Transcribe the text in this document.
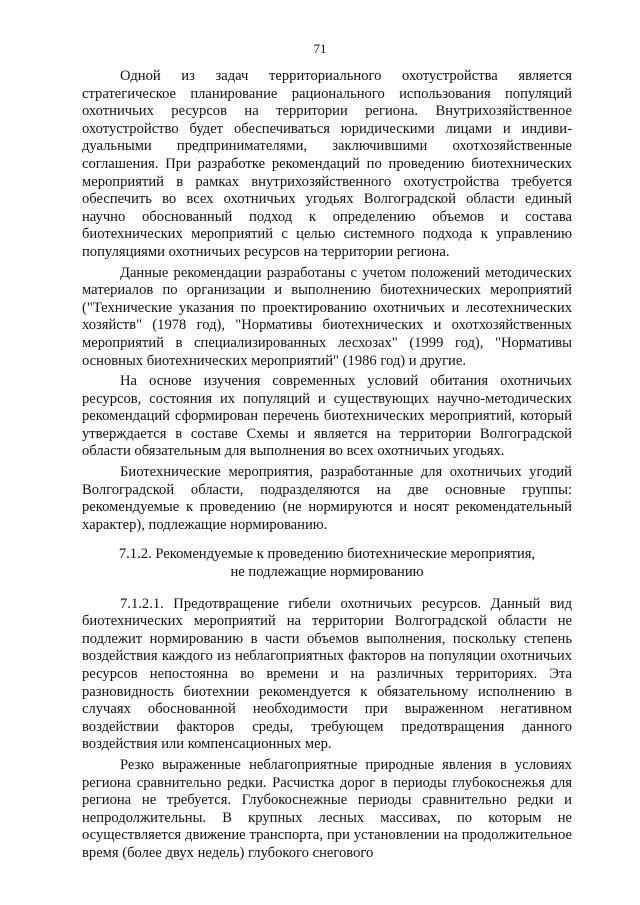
71

Одной из задач территориального охотустройства является стратегическое планирование рационального использования популяций охотничьих ресурсов на территории региона. Внутрихозяйственное охотустройство будет обеспечиваться юридическими лицами и индивидуальными предпринимателями, заключившими охотхозяйственные соглашения. При разработке рекомендаций по проведению биотехнических мероприятий в рамках внутрихозяйственного охотустройства требуется обеспечить во всех охотничьих угодьях Волгоградской области единый научно обоснованный подход к определению объемов и состава биотехнических мероприятий с целью системного подхода к управлению популяциями охотничьих ресурсов на территории региона.

Данные рекомендации разработаны с учетом положений методических материалов по организации и выполнению биотехнических мероприятий ("Технические указания по проектированию охотничьих и лесотехнических хозяйств" (1978 год), "Нормативы биотехнических и охотхозяйственных мероприятий в специализированных лесхозах" (1999 год), "Нормативы основных биотехнических мероприятий" (1986 год) и другие.

На основе изучения современных условий обитания охотничьих ресурсов, состояния их популяций и существующих научно-методических рекомендаций сформирован перечень биотехнических мероприятий, который утверждается в составе Схемы и является на территории Волгоградской области обязательным для выполнения во всех охотничьих угодьях.

Биотехнические мероприятия, разработанные для охотничьих угодий Волгоградской области, подразделяются на две основные группы: рекомендуемые к проведению (не нормируются и носят рекомендательный характер), подлежащие нормированию.

7.1.2. Рекомендуемые к проведению биотехнические мероприятия,
не подлежащие нормированию

7.1.2.1. Предотвращение гибели охотничьих ресурсов. Данный вид биотехнических мероприятий на территории Волгоградской области не подлежит нормированию в части объемов выполнения, поскольку степень воздействия каждого из неблагоприятных факторов на популяции охотничьих ресурсов непостоянна во времени и на различных территориях. Эта разновидность биотехнии рекомендуется к обязательному исполнению в случаях обоснованной необходимости при выраженном негативном воздействии факторов среды, требующем предотвращения данного воздействия или компенсационных мер.

Резко выраженные неблагоприятные природные явления в условиях региона сравнительно редки. Расчистка дорог в периоды глубокоснежья для региона не требуется. Глубокоснежные периоды сравнительно редки и непродолжительны. В крупных лесных массивах, по которым не осуществляется движение транспорта, при установлении на продолжительное время (более двух недель) глубокого снегового
